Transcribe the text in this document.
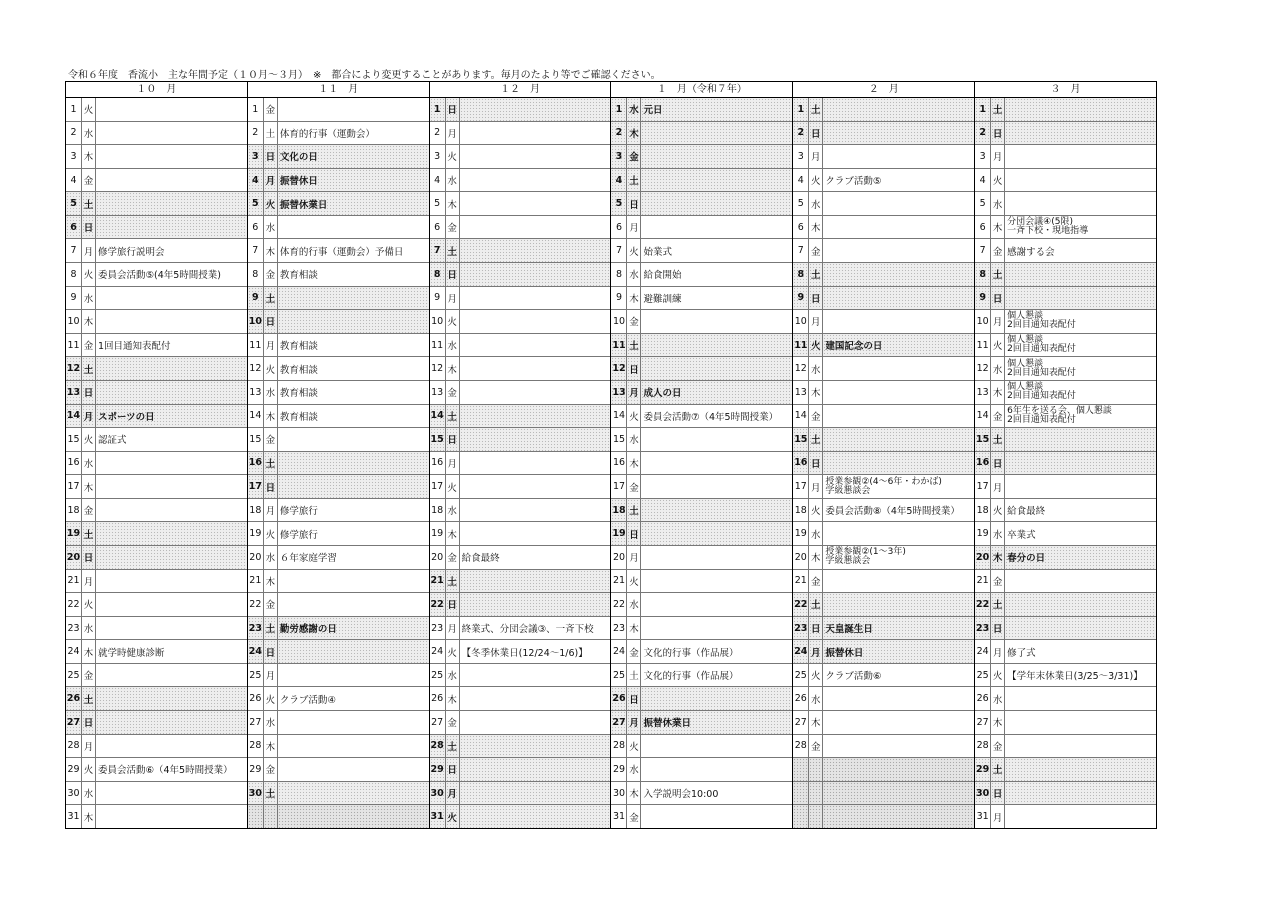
令和６年度　香流小　主な年間予定（１０月～３月）　※　都合により変更することがあります。毎月のたより等でご確認ください。
１０　月
1 火
2 水
3 木
4 金
5 土
6 日
7 月 修学旅行説明会
8 火 委員会活動⑤(4年5時間授業)
9 水
10 木
11 金 1回目通知表配付
12 土
13 日
14 月 スポーツの日
15 火 認証式
16 水
17 木
18 金
19 土
20 日
21 月
22 火
23 水
24 木 就学時健康診断
25 金
26 土
27 日
28 月
29 火 委員会活動⑥（4年5時間授業）
30 水
31 木
１１　月
1 金
2 土 体育的行事（運動会）
3 日 文化の日
4 月 振替休日
5 火 振替休業日
6 水
7 木 体育的行事（運動会）予備日
8 金 教育相談
9 土
10 日
11 月 教育相談
12 火 教育相談
13 水 教育相談
14 木 教育相談
15 金
16 土
17 日
18 月 修学旅行
19 火 修学旅行
20 水 ６年家庭学習
21 木
22 金
23 土 勤労感謝の日
24 日
25 月
26 火 クラブ活動④
27 水
28 木
29 金
30 土
１２　月
1 日
2 月
3 火
4 水
5 木
6 金
7 土
8 日
9 月
10 火
11 水
12 木
13 金
14 土
15 日
16 月
17 火
18 水
19 木
20 金 給食最終
21 土
22 日
23 月 終業式、分団会議③、一斉下校
24 火 【冬季休業日(12/24～1/6)】
25 水
26 木
27 金
28 土
29 日
30 月
31 火
１　月（令和７年）
1 水 元日
2 木
3 金
4 土
5 日
6 月
7 火 始業式
8 水 給食開始
9 木 避難訓練
10 金
11 土
12 日
13 月 成人の日
14 火 委員会活動⑦（4年5時間授業）
15 水
16 木
17 金
18 土
19 日
20 月
21 火
22 水
23 木
24 金 文化的行事（作品展）
25 土 文化的行事（作品展）
26 日
27 月 振替休業日
28 火
29 水
30 木 入学説明会10:00
31 金
２　月
1 土
2 日
3 月
4 火 クラブ活動⑤
5 水
6 木
7 金
8 土
9 日
10 月
11 火 建国記念の日
12 水
13 木
14 金
15 土
16 日
17 月
授業参観②(4～6年・わかば)
学級懇談会
18 火 委員会活動⑧（4年5時間授業）
19 水
20 木
授業参観②(1～3年)
学級懇談会
21 金
22 土
23 日 天皇誕生日
24 月 振替休日
25 火 クラブ活動⑥
26 水
27 木
28 金
３　月
1 土
2 日
3 月
4 火
5 水
6 木
分団会議④(5限)
一斉下校・現地指導
7 金 感謝する会
8 土
9 日
10 月
個人懇談
2回目通知表配付
11 火
個人懇談
2回目通知表配付
12 水
個人懇談
2回目通知表配付
13 木
個人懇談
2回目通知表配付
14 金
6年生を送る会、個人懇談
2回目通知表配付
15 土
16 日
17 月
18 火 給食最終
19 水 卒業式
20 木 春分の日
21 金
22 土
23 日
24 月 修了式
25 火 【学年末休業日(3/25～3/31)】
26 水
27 木
28 金
29 土
30 日
31 月
